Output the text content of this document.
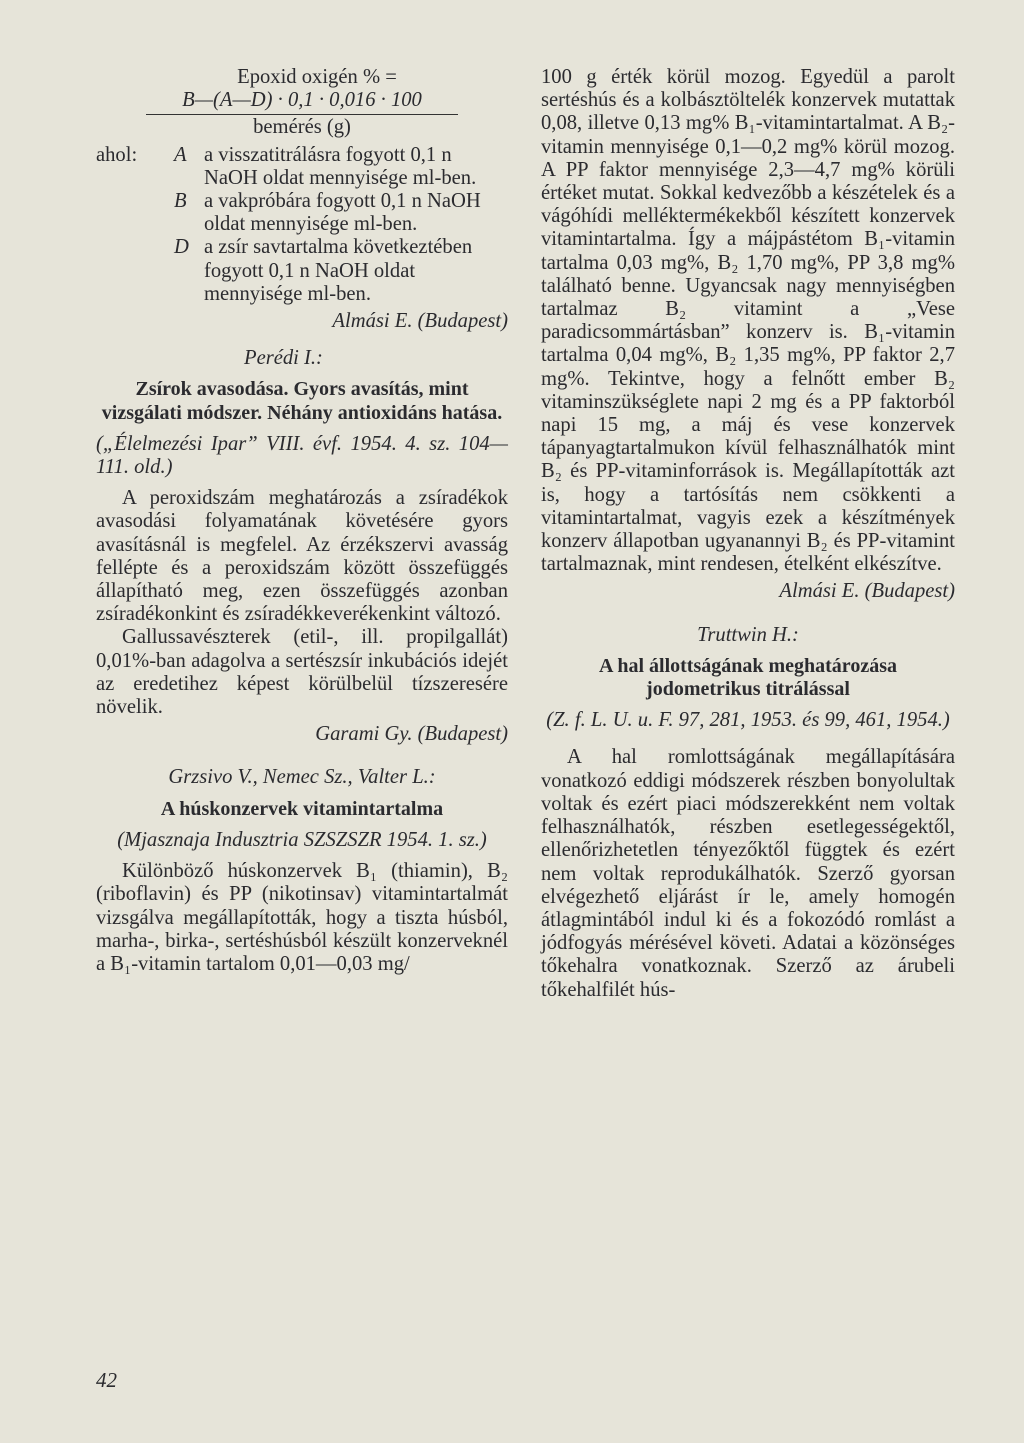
Epoxid oxigén % =

B—(A—D) · 0,1 · 0,016 · 100
bemérés (g)
ahol:	A a visszatitrálásra fogyott 0,1 n NaOH oldat mennyisége ml-ben.
B a vakpróbára fogyott 0,1 n NaOH oldat mennyisége ml-ben.
D a zsír savtartalma következtében fogyott 0,1 n NaOH oldat mennyisége ml-ben.

Almási E. (Budapest)

Perédi I.:

Zsírok avasodása. Gyors avasítás, mint vizsgálati módszer. Néhány antioxidáns hatása.

(„Élelmezési Ipar” VIII. évf. 1954. 4. sz. 104—111. old.)

A peroxidszám meghatározás a zsíradékok avasodási folyamatának követésére gyors avasításnál is megfelel. Az érzékszervi avasság fellépte és a peroxidszám között összefüggés állapítható meg, ezen összefüggés azonban zsíradékonkint és zsíradékkeverékenkint változó.

Gallussavészterek (etil-, ill. propilgallát) 0,01%-ban adagolva a sertészsír inkubációs idejét az eredetihez képest körülbelül tízszeresére növelik.

Garami Gy. (Budapest)

Grzsivo V., Nemec Sz., Valter L.:

A húskonzervek vitamintartalma

(Mjasznaja Indusztria SZSZSZR 1954. 1. sz.)

Különböző húskonzervek B₁ (thiamin), B₂ (riboflavin) és PP (nikotinsav) vitamintartalmát vizsgálva megállapították, hogy a tiszta húsból, marha-, birka-, sertéshúsból készült konzerveknél a B₁-vitamin tartalom 0,01—0,03 mg/

100 g érték körül mozog. Egyedül a parolt sertéshús és a kolbásztöltelék konzervek mutattak 0,08, illetve 0,13 mg% B₁-vitamintartalmat. A B₂-vitamin mennyisége 0,1—0,2 mg% körül mozog. A PP faktor mennyisége 2,3—4,7 mg% körüli értéket mutat. Sokkal kedvezőbb a készételek és a vágóhídi melléktermékekből készített konzervek vitamintartalma. Így a májpástétom B₁-vitamin tartalma 0,03 mg%, B₂ 1,70 mg%, PP 3,8 mg% található benne. Ugyancsak nagy mennyiségben tartalmaz B₂ vitamint a „Vese paradicsommártásban” konzerv is. B₁-vitamin tartalma 0,04 mg%, B₂ 1,35 mg%, PP faktor 2,7 mg%. Tekintve, hogy a felnőtt ember B₂ vitaminszükséglete napi 2 mg és a PP faktorból napi 15 mg, a máj és vese konzervek tápanyagtartalmukon kívül felhasználhatók mint B₂ és PP-vitaminforrások is. Megállapították azt is, hogy a tartósítás nem csökkenti a vitamintartalmat, vagyis ezek a készítmények konzerv állapotban ugyanannyi B₂ és PP-vitamint tartalmaznak, mint rendesen, ételként elkészítve.

Almási E. (Budapest)

Truttwin H.:

A hal állottságának meghatározása jodometrikus titrálással

(Z. f. L. U. u. F. 97, 281, 1953. és 99, 461, 1954.)

A hal romlottságának megállapítására vonatkozó eddigi módszerek részben bonyolultak voltak és ezért piaci módszerekként nem voltak felhasználhatók, részben esetlegességektől, ellenőrizhetetlen tényezőktől függtek és ezért nem voltak reprodukálhatók. Szerző gyorsan elvégezhető eljárást ír le, amely homogén átlagmintából indul ki és a fokozódó romlást a jódfogyás mérésével követi. Adatai a közönséges tőkehalra vonatkoznak. Szerző az árubeli tőkehalfilét hús-

42
